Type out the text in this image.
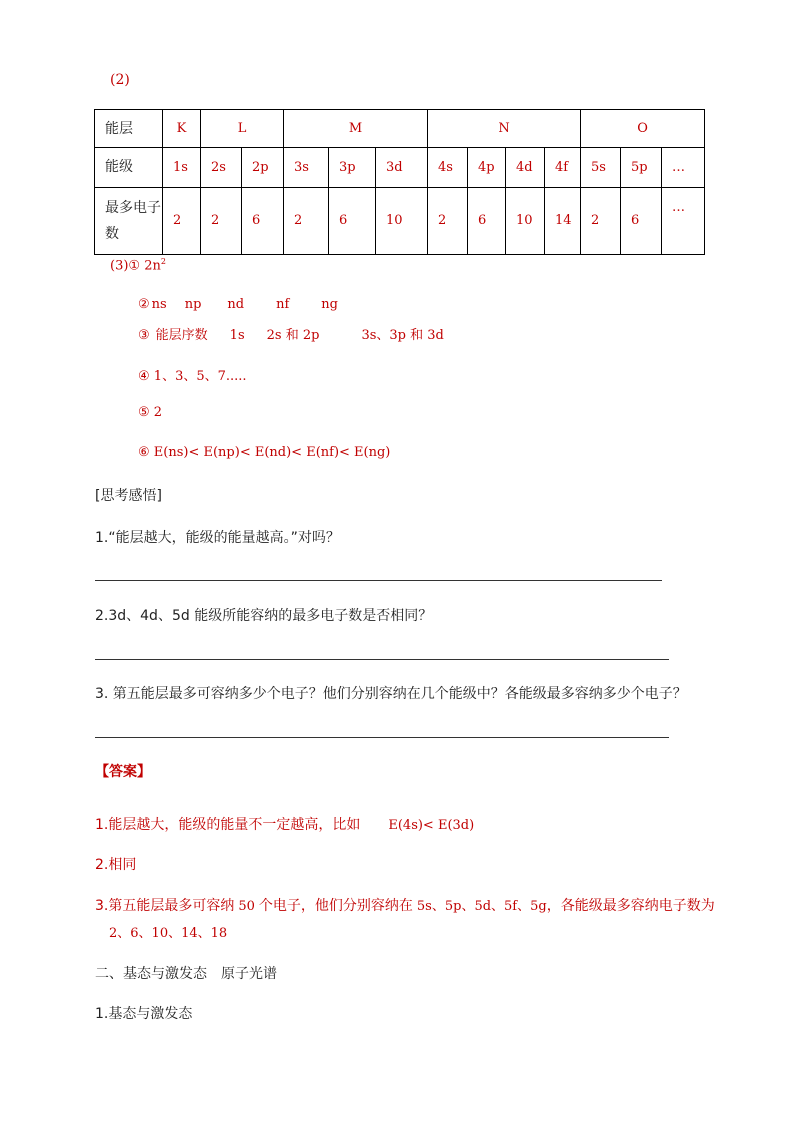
(2)
能层	K	L		M			N				O		
能级	1s	2s	2p	3s	3p	3d	4s	4p	4d	4f	5s	5p	…
最多电子数	2	2	6	2	6	10	2	6	10	14	2	6	…
(3)① $2n^2$
② ns np nd nf ng
③ 能层序数 1s 2s 和 2p	3s、3p 和 3d
④ 1、3、5、7.....
⑤ 2
⑥ E(ns)< E(np)< E(nd)< E(nf)< E(ng)
[思考感悟]
1.“能层越大，能级的能量越高。”对吗？
2.3d、4d、5d 能级所能容纳的最多电子数是否相同？
3. 第五能层最多可容纳多少个电子？他们分别容纳在几个能级中？各能级最多容纳多少个电子？
【答案】
1.能层越大，能级的能量不一定越高，比如 E(4s)< E(3d)
2.相同
3.第五能层最多可容纳 50 个电子，他们分别容纳在 5s、5p、5d、5f、5g，各能级最多容纳电子数为
2、6、10、14、18
二、基态与激发态　原子光谱
1.基态与激发态
